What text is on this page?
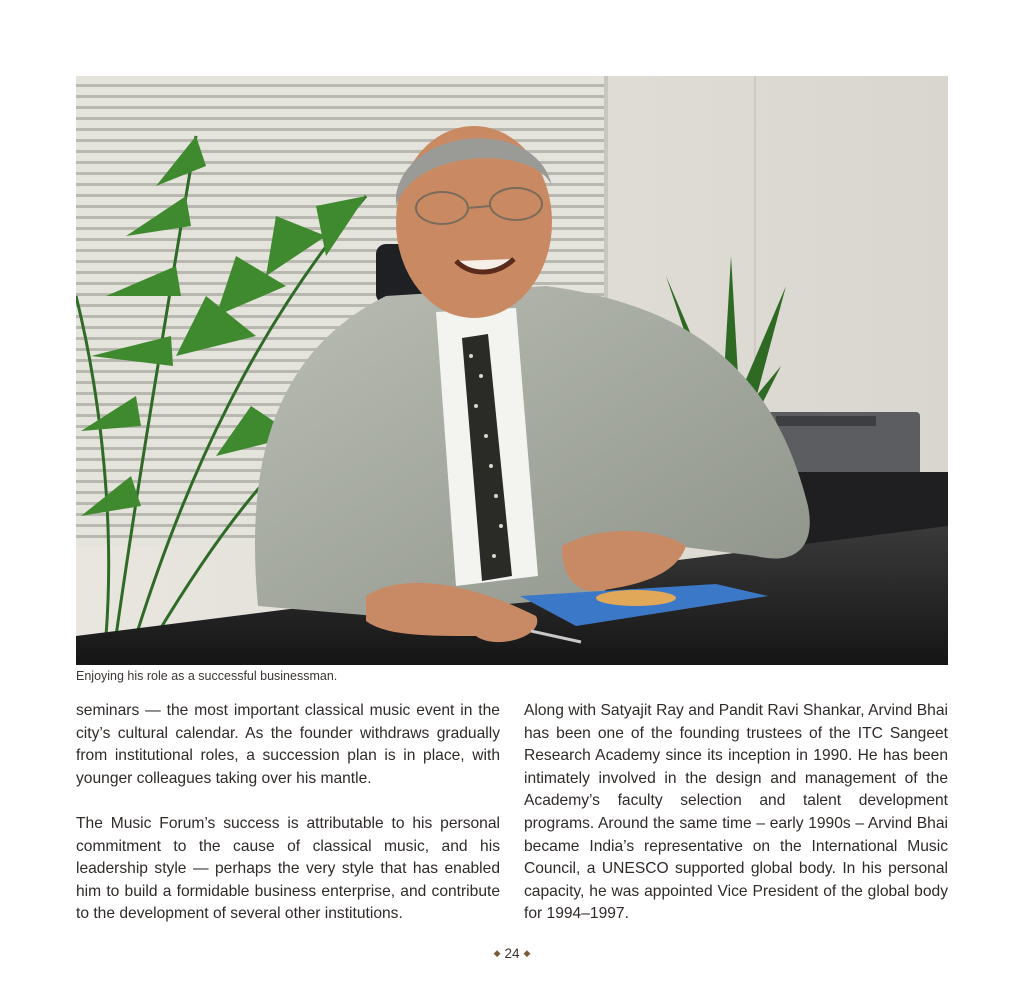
Enjoying his role as a successful businessman.

seminars — the most important classical music event in the city’s cultural calendar. As the founder withdraws gradually from institutional roles, a succession plan is in place, with younger colleagues taking over his mantle.

The Music Forum’s success is attributable to his personal commitment to the cause of classical music, and his leadership style — perhaps the very style that has enabled him to build a formidable business enterprise, and contribute to the development of several other institutions.

Along with Satyajit Ray and Pandit Ravi Shankar, Arvind Bhai has been one of the founding trustees of the ITC Sangeet Research Academy since its inception in 1990. He has been intimately involved in the design and management of the Academy’s faculty selection and talent development programs. Around the same time – early 1990s – Arvind Bhai became India’s representative on the International Music Council, a UNESCO supported global body. In his personal capacity, he was appointed Vice President of the global body for 1994–1997.

◆ 24 ◆
